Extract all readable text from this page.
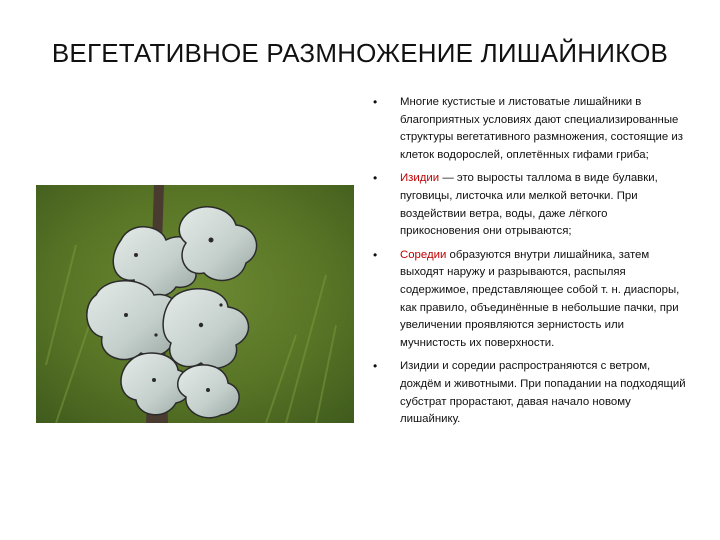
ВЕГЕТАТИВНОЕ РАЗМНОЖЕНИЕ ЛИШАЙНИКОВ
• Многие кустистые и листоватые лишайники в благоприятных условиях дают специализированные структуры вегетативного размножения, состоящие из клеток водорослей, оплетённых гифами гриба;
• Изидии — это выросты таллома в виде булавки, пуговицы, листочка или мелкой веточки. При воздействии ветра, воды, даже лёгкого прикосновения они отрываются;
• Соредии образуются внутри лишайника, затем выходят наружу и разрываются, распыляя содержимое, представляющее собой т. н. диаспоры, как правило, объединённые в небольшие пачки, при увеличении проявляются зернистость или мучнистость их поверхности.
• Изидии и соредии распространяются с ветром, дождём и животными. При попадании на подходящий субстрат прорастают, давая начало новому лишайнику.
